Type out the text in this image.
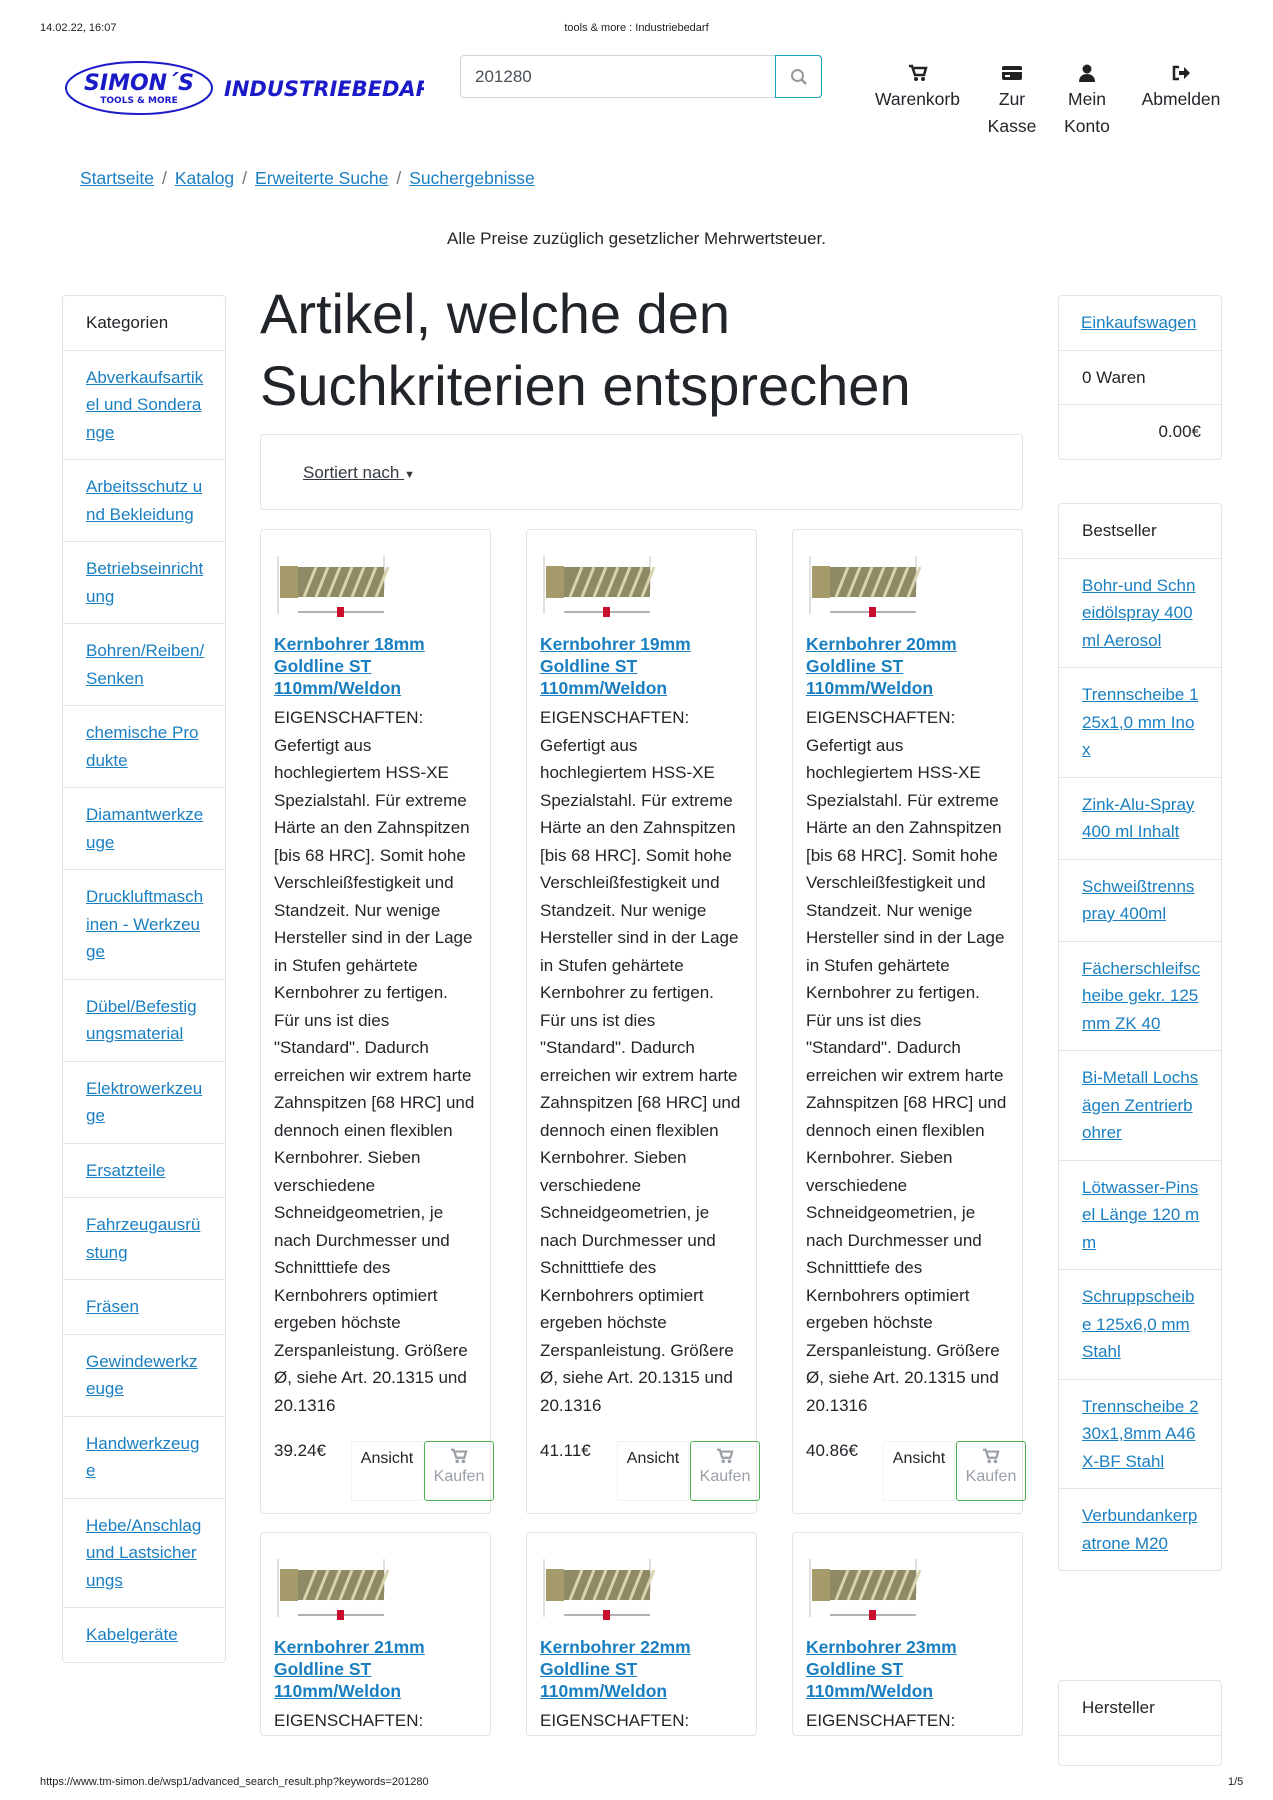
14.02.22, 16:07	tools & more : Industriebedarf
SIMON´S
TOOLS & MORE INDUSTRIEBEDARF
201280	Warenkorb	Zur
Kasse
Mein
Konto
Abmelden
Startseite / Katalog / Erweiterte Suche / Suchergebnisse
Alle Preise zuzüglich gesetzlicher Mehrwertsteuer.
Kategorien
Abverkaufsartikel und Sonderange
Arbeitsschutz und Bekleidung
Betriebseinrichtung
Bohren/Reiben/Senken
chemische Produkte
Diamantwerkzeuge
Druckluftmaschinen - Werkzeuge
Dübel/Befestigungsmaterial
Elektrowerkzeuge
Ersatzteile
Fahrzeugausrüstung
Fräsen
Gewindewerkzeuge
Handwerkzeuge
Hebe/Anschlag und Lastsicherungs
Kabelgeräte
Artikel, welche den Suchkriterien entsprechen
Sortiert nach ▼
Kernbohrer 18mm Goldline ST 110mm/Weldon
EIGENSCHAFTEN: Gefertigt aus hochlegiertem HSS-XE Spezialstahl. Für extreme Härte an den Zahnspitzen [bis 68 HRC]. Somit hohe Verschleißfestigkeit und Standzeit. Nur wenige Hersteller sind in der Lage in Stufen gehärtete Kernbohrer zu fertigen. Für uns ist dies "Standard". Dadurch erreichen wir extrem harte Zahnspitzen [68 HRC] und dennoch einen flexiblen Kernbohrer. Sieben verschiedene Schneidgeometrien, je nach Durchmesser und Schnitttiefe des Kernbohrers optimiert ergeben höchste Zerspanleistung. Größere Ø, siehe Art. 20.1315 und 20.1316
39.24€	Ansicht
Kaufen
Kernbohrer 19mm Goldline ST 110mm/Weldon
EIGENSCHAFTEN: Gefertigt aus hochlegiertem HSS-XE Spezialstahl. Für extreme Härte an den Zahnspitzen [bis 68 HRC]. Somit hohe Verschleißfestigkeit und Standzeit. Nur wenige Hersteller sind in der Lage in Stufen gehärtete Kernbohrer zu fertigen. Für uns ist dies "Standard". Dadurch erreichen wir extrem harte Zahnspitzen [68 HRC] und dennoch einen flexiblen Kernbohrer. Sieben verschiedene Schneidgeometrien, je nach Durchmesser und Schnitttiefe des Kernbohrers optimiert ergeben höchste Zerspanleistung. Größere Ø, siehe Art. 20.1315 und 20.1316
41.11€	Ansicht
Kaufen
Kernbohrer 20mm Goldline ST 110mm/Weldon
EIGENSCHAFTEN: Gefertigt aus hochlegiertem HSS-XE Spezialstahl. Für extreme Härte an den Zahnspitzen [bis 68 HRC]. Somit hohe Verschleißfestigkeit und Standzeit. Nur wenige Hersteller sind in der Lage in Stufen gehärtete Kernbohrer zu fertigen. Für uns ist dies "Standard". Dadurch erreichen wir extrem harte Zahnspitzen [68 HRC] und dennoch einen flexiblen Kernbohrer. Sieben verschiedene Schneidgeometrien, je nach Durchmesser und Schnitttiefe des Kernbohrers optimiert ergeben höchste Zerspanleistung. Größere Ø, siehe Art. 20.1315 und 20.1316
40.86€	Ansicht
Kaufen
Kernbohrer 21mm Goldline ST 110mm/Weldon
EIGENSCHAFTEN:
Kernbohrer 22mm Goldline ST 110mm/Weldon
EIGENSCHAFTEN:
Kernbohrer 23mm Goldline ST 110mm/Weldon
EIGENSCHAFTEN:
Einkaufswagen
0 Waren
0.00€
Bestseller
Bohr-und Schneidölspray 400 ml Aerosol
Trennscheibe 125x1,0 mm Inox
Zink-Alu-Spray 400 ml Inhalt
Schweißtrennspray 400ml
Fächerschleifscheibe gekr. 125mm ZK 40
Bi-Metall Lochsägen Zentrierbohrer
Lötwasser-Pinsel Länge 120 mm
Schruppscheibe 125x6,0 mm Stahl
Trennscheibe 230x1,8mm A46X-BF Stahl
Verbundankerpatrone M20
Hersteller
https://www.tm-simon.de/wsp1/advanced_search_result.php?keywords=201280	1/5
